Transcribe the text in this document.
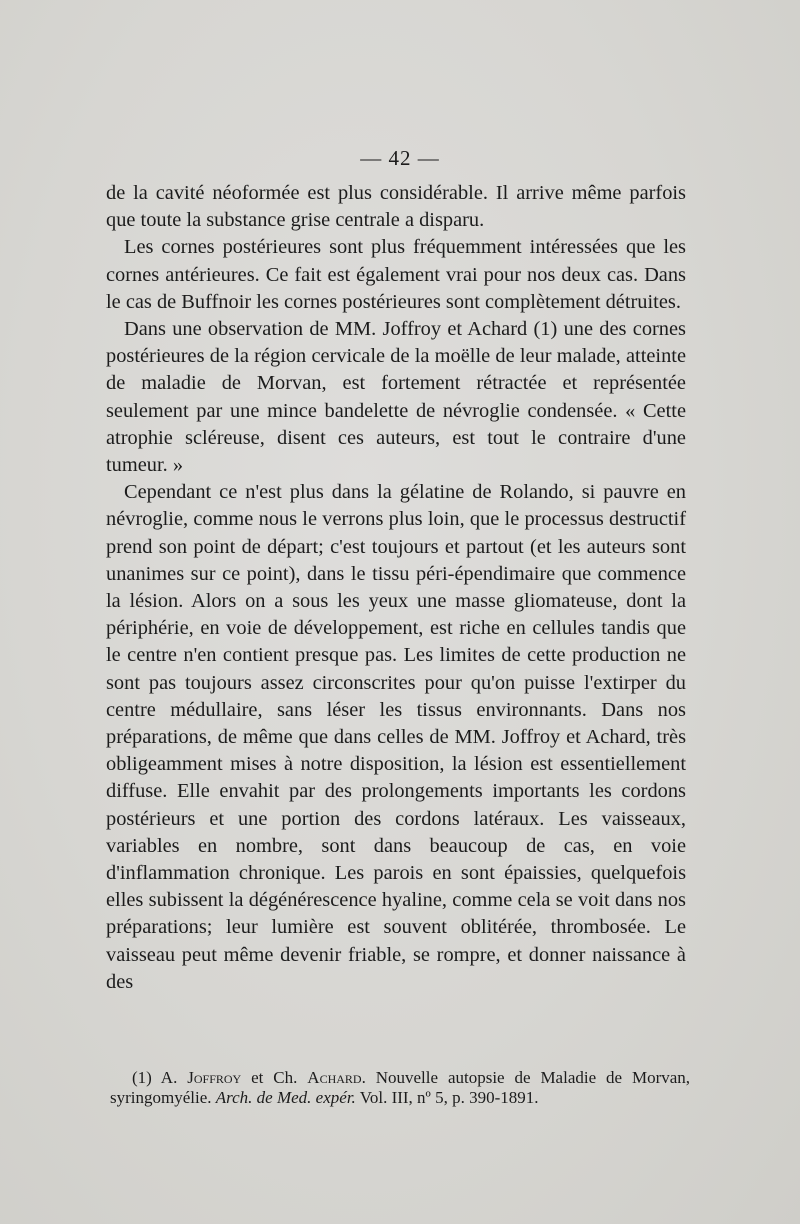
— 42 —

de la cavité néoformée est plus considérable. Il arrive même parfois que toute la substance grise centrale a disparu.

Les cornes postérieures sont plus fréquemment intéressées que les cornes antérieures. Ce fait est également vrai pour nos deux cas. Dans le cas de Buffnoir les cornes postérieures sont complètement détruites.

Dans une observation de MM. Joffroy et Achard (1) une des cornes postérieures de la région cervicale de la moëlle de leur malade, atteinte de maladie de Morvan, est fortement rétractée et représentée seulement par une mince bandelette de névroglie condensée. « Cette atrophie scléreuse, disent ces auteurs, est tout le contraire d'une tumeur. »

Cependant ce n'est plus dans la gélatine de Rolando, si pauvre en névroglie, comme nous le verrons plus loin, que le processus destructif prend son point de départ; c'est toujours et partout (et les auteurs sont unanimes sur ce point), dans le tissu péri-épendimaire que commence la lésion. Alors on a sous les yeux une masse gliomateuse, dont la périphérie, en voie de développement, est riche en cellules tandis que le centre n'en contient presque pas. Les limites de cette production ne sont pas toujours assez circonscrites pour qu'on puisse l'extirper du centre médullaire, sans léser les tissus environnants. Dans nos préparations, de même que dans celles de MM. Joffroy et Achard, très obligeamment mises à notre disposition, la lésion est essentiellement diffuse. Elle envahit par des prolongements importants les cordons postérieurs et une portion des cordons latéraux. Les vaisseaux, variables en nombre, sont dans beaucoup de cas, en voie d'inflammation chronique. Les parois en sont épaissies, quelquefois elles subissent la dégénérescence hyaline, comme cela se voit dans nos préparations; leur lumière est souvent oblitérée, thrombosée. Le vaisseau peut même devenir friable, se rompre, et donner naissance à des

(1) A. Joffroy et Ch. Achard. Nouvelle autopsie de Maladie de Morvan, syringomyélie. Arch. de Med. expér. Vol. III, nº 5, p. 390-1891.
